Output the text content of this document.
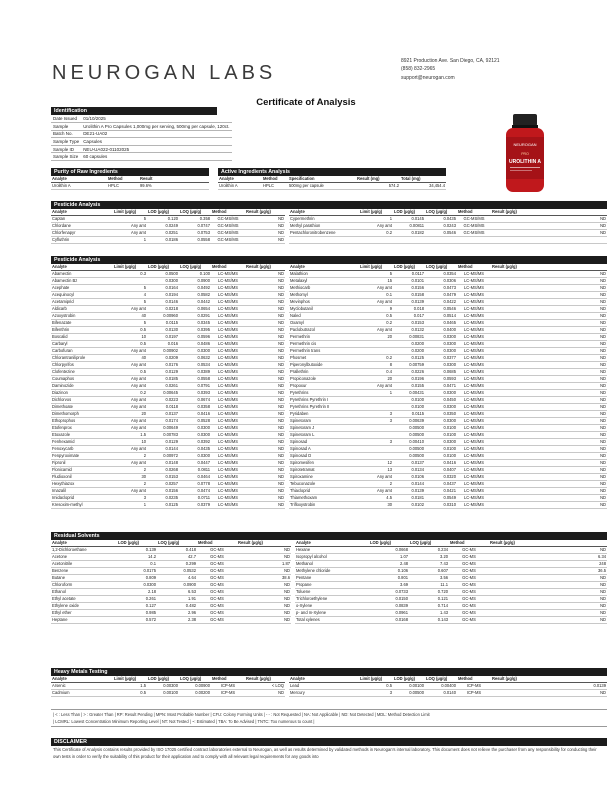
NEUROGAN LABS
8921 Production Ave. San Diego, CA, 92121
(858) 832-2965
support@neurogan.com
Certificate of Analysis
Identification
Date Issued	01/10/2025
Sample	Urolithin A Pro Capsules 1,000mg per serving, 500mg per capsule, 120ct.
Batch No.	DE21-UA02
Sample Type	Capsules
Sample ID	NEU-UA022-01102025
Sample Size	60 capsules
NEUROGAN
PRO
UROLITHIN A
Purity of Raw Ingredients
Analyte	Method	Result
Urolithin A	HPLC	99.6%
Active Ingredients Analysis
Analyte	Method	Specification	Result (mg)	Total (mg)
Urolithin A	HPLC	500mg per capsule	574.2	34,454.4
Pesticide Analysis
Analyte	Limit (µg/g)	LOD (µg/g)	LOQ (µg/g)	Method	Result (µg/g)		Analyte	Limit (µg/g)	LOD (µg/g)	LOQ (µg/g)	Method	Result (µg/g)
Captan	5	0.120	0.358	GC-MS/MS	ND		Cypermethrin	1	0.0145	0.0435	GC-MS/MS	ND
Chlordane	Any amt	0.0249	0.0747	GC-MS/MS	ND		Methyl parathion	Any amt	0.00811	0.0243	GC-MS/MS	ND
Chlorfenapyr	Any amt	0.0251	0.0753	GC-MS/MS	ND		Pentachloronitrobenzene	0.2	0.0182	0.0546	GC-MS/MS	ND
Cyfluthrin	1	0.0186	0.0558	GC-MS/MS	ND							
Pesticide Analysis
Analyte	Limit (µg/g)	LOD (µg/g)	LOQ (µg/g)	Method	Result (µg/g)		Analyte	Limit (µg/g)	LOD (µg/g)	LOQ (µg/g)	Method	Result (µg/g)
Abamectin	0.3	0.0500	0.100	LC-MS/MS	ND		Malathion	5	0.0117	0.0354	LC-MS/MS	ND
Abamectin Bz		0.0300	0.0900	LC-MS/MS	ND		Metalaxyl	15	0.0101	0.0306	LC-MS/MS	ND
Acephate	5	0.0164	0.0492	LC-MS/MS	ND		Methiocarb	Any amt	0.0156	0.0473	LC-MS/MS	ND
Acequinocyl	4	0.0194	0.0582	LC-MS/MS	ND		Methomyl	0.1	0.0158	0.0479	LC-MS/MS	ND
Acetamiprid	5	0.0146	0.0442	LC-MS/MS	ND		Mevinphos	Any amt	0.0139	0.0422	LC-MS/MS	ND
Aldicarb	Any amt	0.0218	0.0654	LC-MS/MS	ND		Myclobutanil	9	0.018	0.0546	LC-MS/MS	ND
Azoxystrobin	40	0.00960	0.0291	LC-MS/MS	ND		Naled	0.5	0.017	0.0514	LC-MS/MS	ND
Bifenazate	5	0.0115	0.0345	LC-MS/MS	ND		Oxamyl	0.2	0.0153	0.0465	LC-MS/MS	ND
Bifenthrin	0.5	0.0130	0.0395	LC-MS/MS	ND		Paclobutrazol	Any amt	0.0132	0.0400	LC-MS/MS	ND
Boscalid	10	0.0197	0.0596	LC-MS/MS	ND		Permethrin	20	0.00831	0.0300	LC-MS/MS	ND
Carbaryl	0.5	0.016	0.0486	LC-MS/MS	ND		Permethrin cis		0.0200	0.0300	LC-MS/MS	ND
Carbofuran	Any amt	0.00902	0.0300	LC-MS/MS	ND		Permethrin trans		0.0200	0.0300	LC-MS/MS	ND
Chlorantraniliprole	40	0.0209	0.0632	LC-MS/MS	ND		Phosmet	0.2	0.0125	0.0377	LC-MS/MS	ND
Chlorpyrifos	Any amt	0.0176	0.0534	LC-MS/MS	ND		Piperonylbutoxide	8	0.00759	0.0300	LC-MS/MS	ND
Clofentezine	0.5	0.0129	0.0389	LC-MS/MS	ND		Prallethrin	0.4	0.0226	0.0685	LC-MS/MS	ND
Coumaphos	Any amt	0.0185	0.0558	LC-MS/MS	ND		Propiconazole	20	0.0196	0.0593	LC-MS/MS	ND
Daminozide	Any amt	0.0261	0.0791	LC-MS/MS	ND		Propoxur	Any amt	0.0155	0.0471	LC-MS/MS	ND
Diazinon	0.2	0.00645	0.0393	LC-MS/MS	ND		Pyrethrins	1	0.00431	0.0300	LC-MS/MS	ND
Dichlorvos	Any amt	0.0223	0.0674	LC-MS/MS	ND		Pyrethrins Pyrethrin I		0.0100	0.0450	LC-MS/MS	ND
Dimethoate	Any amt	0.0118	0.0358	LC-MS/MS	ND		Pyrethrins Pyrethrin II		0.0100	0.0300	LC-MS/MS	ND
Dimethomorph	20	0.0137	0.0416	LC-MS/MS	ND		Pyridaben	3	0.0115	0.0350	LC-MS/MS	ND
Ethoprophos	Any amt	0.0174	0.0528	LC-MS/MS	ND		Spinetoram	3	0.00639	0.0300	LC-MS/MS	ND
Etofenprox	Any amt	0.00649	0.0300	LC-MS/MS	ND		Spinetoram J		0.00500	0.0100	LC-MS/MS	ND
Etoxazole	1.5	0.00783	0.0300	LC-MS/MS	ND		Spinetoram L		0.00500	0.0100	LC-MS/MS	ND
Fenhexamid	10	0.0129	0.0392	LC-MS/MS	ND		Spinosad	3	0.00410	0.0300	LC-MS/MS	ND
Fenoxycarb	Any amt	0.0144	0.0435	LC-MS/MS	ND		Spinosad A		0.00500	0.0100	LC-MS/MS	ND
Fenpyroximate	2	0.00972	0.0300	LC-MS/MS	ND		Spinosad D		0.00500	0.0100	LC-MS/MS	ND
Fipronil	Any amt	0.0148	0.0447	LC-MS/MS	ND		Spiromesifen	12	0.0137	0.0416	LC-MS/MS	ND
Flonicamid	2	0.0268	0.0811	LC-MS/MS	ND		Spirotetramat	13	0.0134	0.0407	LC-MS/MS	ND
Fludioxonil	30	0.0153	0.0464	LC-MS/MS	ND		Spiroxamine	Any amt	0.0106	0.0320	LC-MS/MS	ND
Hexythiazox	2	0.0257	0.0778	LC-MS/MS	ND		Tebuconazole	2	0.0144	0.0437	LC-MS/MS	ND
Imazalil	Any amt	0.0156	0.0474	LC-MS/MS	ND		Thiacloprid	Any amt	0.0139	0.0421	LC-MS/MS	ND
Imidacloprid	3	0.0235	0.0711	LC-MS/MS	ND		Thiamethoxam	4.5	0.0181	0.0549	LC-MS/MS	ND
Kresoxim-methyl	1	0.0125	0.0379	LC-MS/MS	ND		Trifloxystrobin	30	0.0102	0.0310	LC-MS/MS	ND
Residual Solvents
Analyte	LOD (µg/g)	LOQ (µg/g)	Method	Result (µg/g)		Analyte	LOD (µg/g)	LOQ (µg/g)	Method	Result (µg/g)
1,2-Dichloroethane	0.139	0.418	GC-MS	ND		Hexane	0.0668	0.234	GC-MS	ND
Acetone	14.2	42.7	GC-MS	ND		Isopropyl alcohol	1.07	3.20	GC-MS	6.34
Acetonitrile	0.1	0.299	GC-MS	1.87		Methanol	2.48	7.43	GC-MS	248
Benzene	0.0175	0.0532	GC-MS	ND		Methylene chloride	0.106	0.607	GC-MS	36.5
Butane	0.809	4.64	GC-MS	38.6		Pentane	0.801	3.56	GC-MS	ND
Chloroform	0.0300	0.0900	GC-MS	ND		Propane	3.69	11.1	GC-MS	ND
Ethanol	2.18	6.53	GC-MS	ND		Toluene	0.0733	0.720	GC-MS	ND
Ethyl acetate	0.261	1.91	GC-MS	ND		Trichloroethylene	0.0150	0.121	GC-MS	ND
Ethylene oxide	0.127	0.482	GC-MS	ND		o-Xylene	0.0839	0.714	GC-MS	ND
Ethyl ether	0.985	2.96	GC-MS	ND		p- and m-Xylene	0.0961	1.43	GC-MS	ND
Heptane	0.572	2.38	GC-MS	ND		Total xylenes	0.0168	0.143	GC-MS	ND
Heavy Metals Testing
Analyte	Limit (µg/g)	LOD (µg/g)	LOQ (µg/g)	Method	Result (µg/g)		Analyte	Limit (µg/g)	LOD (µg/g)	LOQ (µg/g)	Method	Result (µg/g)
Arsenic	1.5	0.00300	0.00900	ICP-MS	< LOQ		Lead	0.5	0.00100	0.00400	ICP-MS	0.0139
Cadmium	0.5	0.00100	0.00200	ICP-MS	ND		Mercury	3	0.00500	0.0140	ICP-MS	ND
| < : Less Than | > : Greater Than | RP: Result Pending | MPN: Most Probable Number | CFU: Colony Forming Units | - - : Not Requested | NA: Not Applicable | ND: Not Detected | MDL: Method Detection Limit
| LCMRL: Lowest Concentration Minimum Reporting Level | NT: Not Tested | ~: Estimated | TBA: To Be Advised | TNTC: Too numerous to count |
DISCLAIMER

This Certificate of Analysis contains results provided by ISO 17025 certified contract laboratories external to Neurogan, as well as results determined by validated methods in Neurogan's internal laboratory. This document does not relieve the purchaser from any responsibility for conducting their own tests in order to verify the suitability of this product for their application and to comply with all relevant legal requirements for any goods into
